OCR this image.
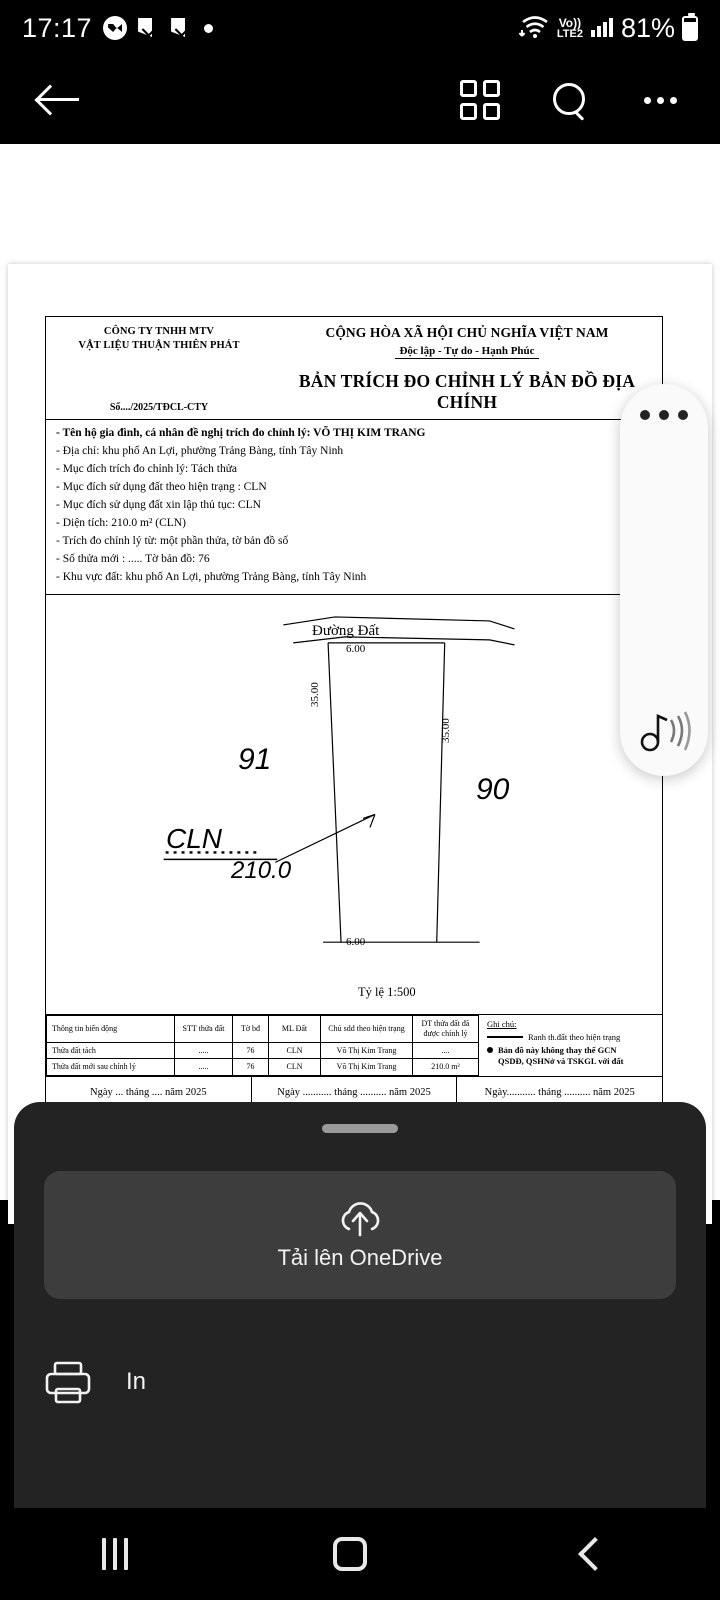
17:17	Vo))
LTE2 81%
CÔNG TY TNHH MTV
VẬT LIỆU THUẬN THIÊN PHÁT
Số..../2025/TĐCL-CTY
CỘNG HÒA XÃ HỘI CHỦ NGHĨA VIỆT NAM
Độc lập - Tự do - Hạnh Phúc
BẢN TRÍCH ĐO CHỈNH LÝ BẢN ĐỒ ĐỊA CHÍNH

- Tên hộ gia đình, cá nhân đề nghị trích đo chỉnh lý: VÕ THỊ KIM TRANG

- Địa chỉ: khu phố An Lợi, phường Trảng Bàng, tỉnh Tây Ninh

- Mục đích trích đo chỉnh lý: Tách thửa

- Mục đích sử dụng đất theo hiện trạng : CLN

- Mục đích sử dụng đất xin lập thủ tục: CLN

- Diện tích: 210.0 m² (CLN)

- Trích đo chỉnh lý từ: một phần thửa, tờ bản đồ số

- Số thửa mới : ..... Tờ bản đồ: 76

- Khu vực đất: khu phố An Lợi, phường Trảng Bàng, tỉnh Tây Ninh

Đường Đất
6.00
6.00
35.00
35.00
91
90
CLN
210.0
Tỷ lệ 1:500
Thông tin biến động	STT thửa đất	Tờ bđ	ML Đất	Chủ sdd theo hiện trạng	DT thửa đất đã được chỉnh lý
Thửa đất tách	.....	76	CLN	Võ Thị Kim Trang	....
Thửa đất mới sau chỉnh lý	.....	76	CLN	Võ Thị Kim Trang	210.0 m²
Ghi chú:
Ranh th.đất theo hiện trạng
Bản đồ này không thay thế GCN
QSDĐ, QSHNở và TSKGL với đất
Ngày ... tháng .... năm 2025	Ngày ........... tháng .......... năm 2025	Ngày........... tháng .......... năm 2025
Tải lên OneDrive
In
